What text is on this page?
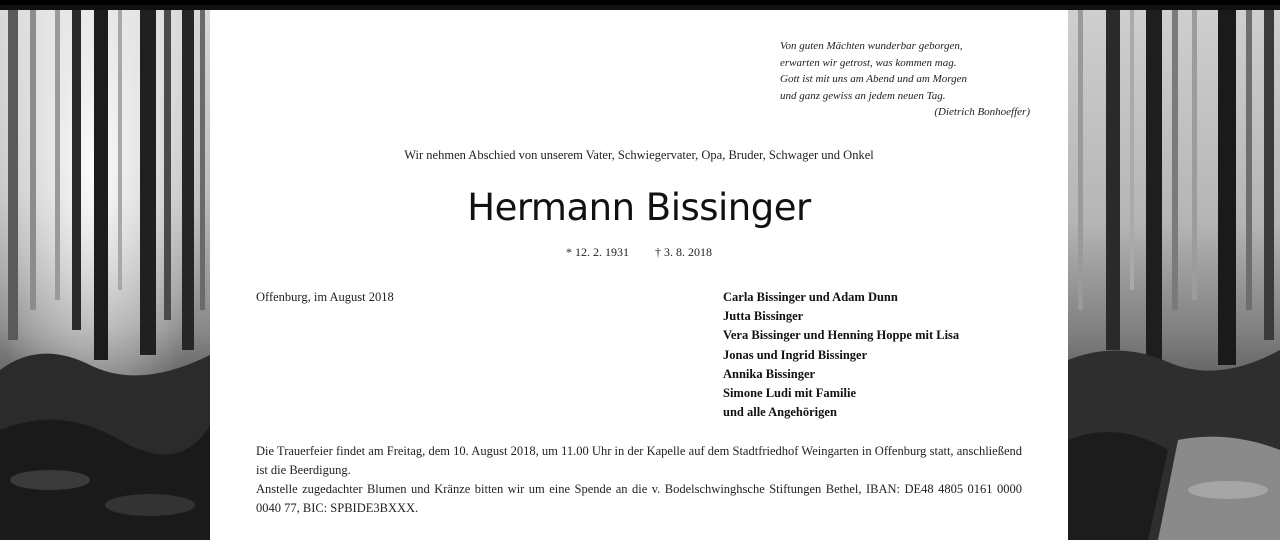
Von guten Mächten wunderbar geborgen,
erwarten wir getrost, was kommen mag.
Gott ist mit uns am Abend und am Morgen
und ganz gewiss an jedem neuen Tag.
(Dietrich Bonhoeffer)
Wir nehmen Abschied von unserem Vater, Schwiegervater, Opa, Bruder, Schwager und Onkel
Hermann Bissinger
* 12. 2. 1931 † 3. 8. 2018
Offenburg, im August 2018	Carla Bissinger und Adam Dunn
Jutta Bissinger
Vera Bissinger und Henning Hoppe mit Lisa
Jonas und Ingrid Bissinger
Annika Bissinger
Simone Ludi mit Familie
und alle Angehörigen

Die Trauerfeier findet am Freitag, dem 10. August 2018, um 11.00 Uhr in der Kapelle auf dem Stadtfriedhof Weingarten in Offenburg statt, anschließend ist die Beerdigung.

Anstelle zugedachter Blumen und Kränze bitten wir um eine Spende an die v. Bodelschwinghsche Stiftungen Bethel, IBAN: DE48 4805 0161 0000 0040 77, BIC: SPBIDE3BXXX.
